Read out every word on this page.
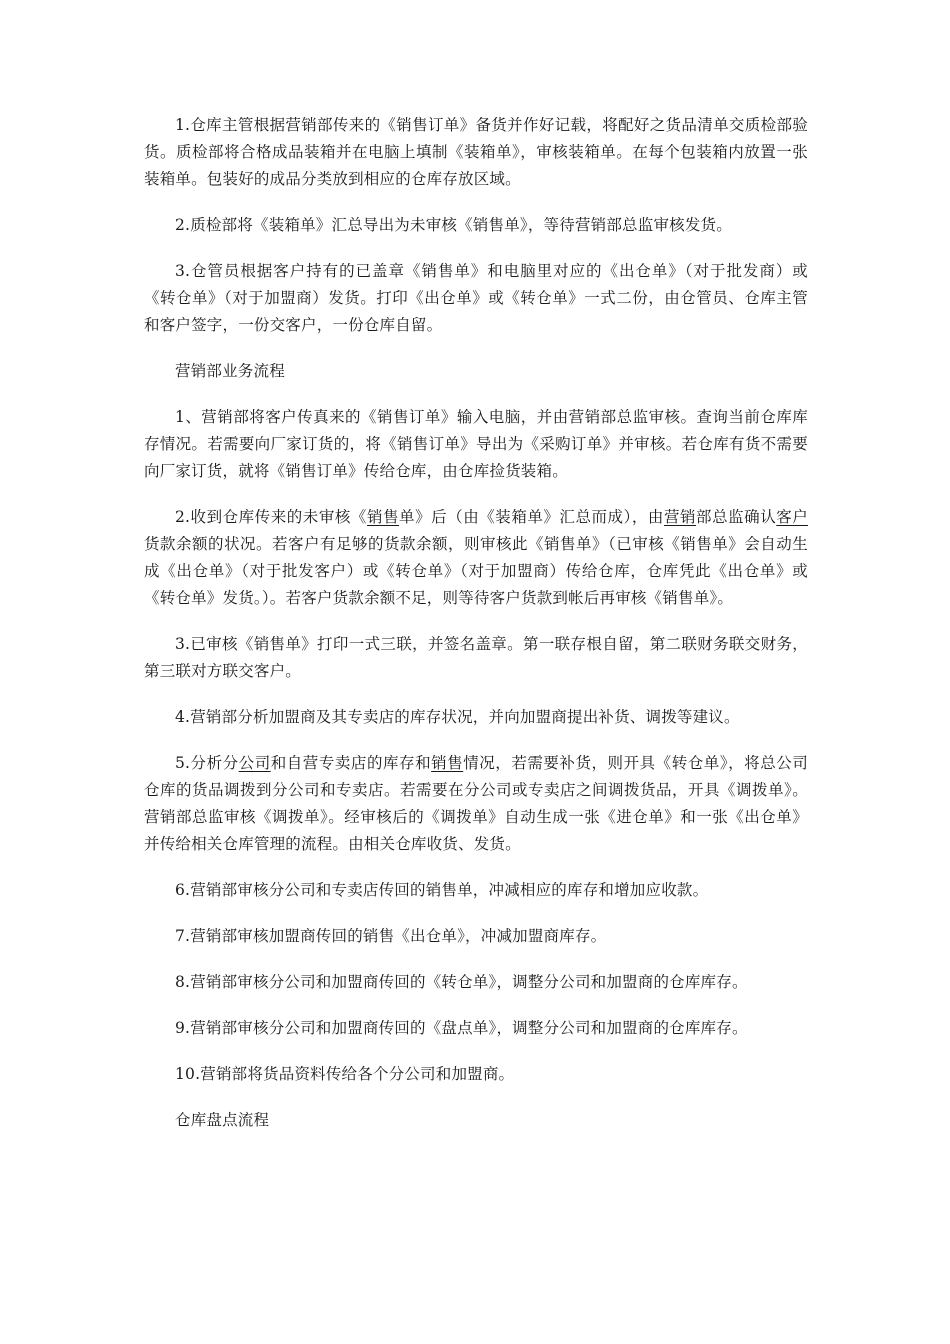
1.仓库主管根据营销部传来的《销售订单》备货并作好记载，将配好之货品清单交质检部验货。质检部将合格成品装箱并在电脑上填制《装箱单》，审核装箱单。在每个包装箱内放置一张装箱单。包装好的成品分类放到相应的仓库存放区域。

2.质检部将《装箱单》汇总导出为未审核《销售单》，等待营销部总监审核发货。

3.仓管员根据客户持有的已盖章《销售单》和电脑里对应的《出仓单》（对于批发商）或《转仓单》（对于加盟商）发货。打印《出仓单》或《转仓单》一式二份，由仓管员、仓库主管和客户签字，一份交客户，一份仓库自留。

营销部业务流程

1、营销部将客户传真来的《销售订单》输入电脑，并由营销部总监审核。查询当前仓库库存情况。若需要向厂家订货的，将《销售订单》导出为《采购订单》并审核。若仓库有货不需要向厂家订货，就将《销售订单》传给仓库，由仓库捡货装箱。

2.收到仓库传来的未审核《销售单》后（由《装箱单》汇总而成），由营销部总监确认客户货款余额的状况。若客户有足够的货款余额，则审核此《销售单》（已审核《销售单》会自动生成《出仓单》（对于批发客户）或《转仓单》（对于加盟商）传给仓库，仓库凭此《出仓单》或《转仓单》发货。）。若客户货款余额不足，则等待客户货款到帐后再审核《销售单》。

3.已审核《销售单》打印一式三联，并签名盖章。第一联存根自留，第二联财务联交财务，第三联对方联交客户。

4.营销部分析加盟商及其专卖店的库存状况，并向加盟商提出补货、调拨等建议。

5.分析分公司和自营专卖店的库存和销售情况，若需要补货，则开具《转仓单》，将总公司仓库的货品调拨到分公司和专卖店。若需要在分公司或专卖店之间调拨货品，开具《调拨单》。营销部总监审核《调拨单》。经审核后的《调拨单》自动生成一张《进仓单》和一张《出仓单》并传给相关仓库管理的流程。由相关仓库收货、发货。

6.营销部审核分公司和专卖店传回的销售单，冲减相应的库存和增加应收款。

7.营销部审核加盟商传回的销售《出仓单》，冲减加盟商库存。

8.营销部审核分公司和加盟商传回的《转仓单》，调整分公司和加盟商的仓库库存。

9.营销部审核分公司和加盟商传回的《盘点单》，调整分公司和加盟商的仓库库存。

10.营销部将货品资料传给各个分公司和加盟商。

仓库盘点流程
